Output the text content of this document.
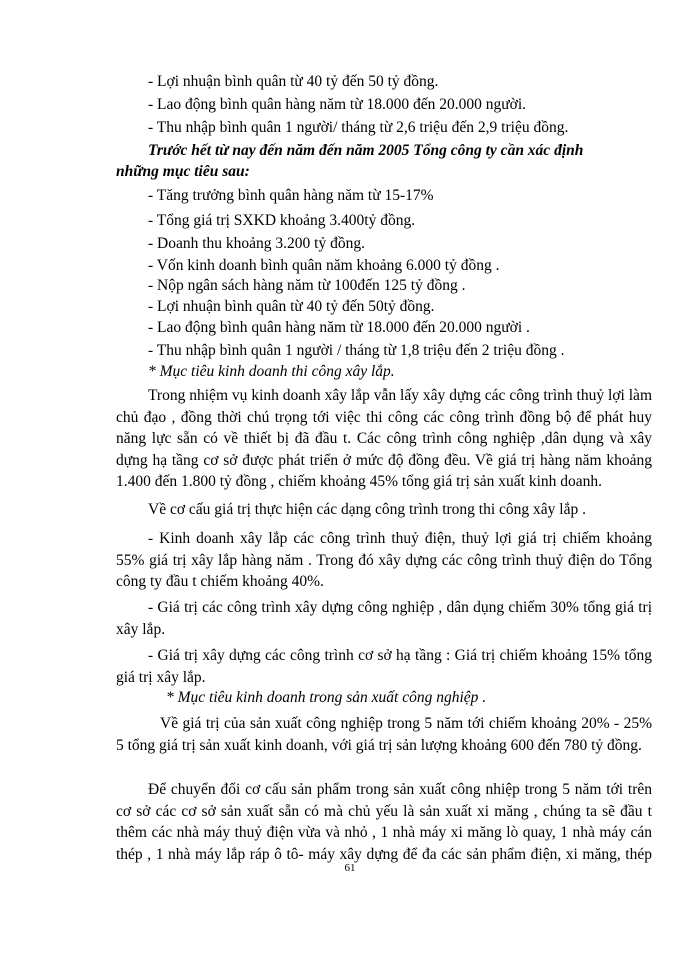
- Lợi nhuận bình quân từ 40 tỷ đến 50 tỷ đồng.
- Lao động bình quân hàng năm từ 18.000 đến 20.000 người.
- Thu nhập bình quân 1 người/ tháng từ 2,6 triệu đến 2,9 triệu đồng.
Trước hết từ nay đến năm đến năm 2005 Tổng công ty cần xác định
những mục tiêu sau:
- Tăng trưởng bình quân hàng năm từ 15-17%
- Tổng giá trị SXKD khoảng 3.400tỷ đồng.
- Doanh thu khoảng 3.200 tỷ đồng.
- Vốn kinh doanh bình quân năm khoảng 6.000 tỷ đồng .
- Nộp ngân sách hàng năm từ 100đến 125 tỷ đồng .
- Lợi nhuận bình quân từ 40 tỷ đến 50tỷ đồng.
- Lao động bình quân hàng năm từ 18.000 đến 20.000 người .
- Thu nhập bình quân 1 người / tháng từ 1,8 triệu đến 2 triệu đồng .
* Mục tiêu kinh doanh thi công xây lắp.
Trong nhiệm vụ kinh doanh xây lắp vẫn lấy xây dựng các công trình thuỷ lợi làm chủ đạo , đồng thời chú trọng tới việc thi công các công trình đồng bộ để phát huy năng lực sẵn có về thiết bị đã đầu t. Các công trình công nghiệp ,dân dụng và xây dựng hạ tầng cơ sở được phát triển ở mức độ đồng đều. Về giá trị hàng năm khoảng 1.400 đến 1.800 tỷ đồng , chiếm khoảng 45% tổng giá trị sản xuất kinh doanh.
Về cơ cấu giá trị thực hiện các dạng công trình trong thi công xây lắp .
- Kinh doanh xây lắp các công trình thuỷ điện, thuỷ lợi giá trị chiếm khoảng 55% giá trị xây lắp hàng năm . Trong đó xây dựng các công trình thuỷ điện do Tổng công ty đầu t chiếm khoảng 40%.
- Giá trị các công trình xây dựng công nghiệp , dân dụng chiếm 30% tổng giá trị xây lắp.
- Giá trị xây dựng các công trình cơ sở hạ tầng : Giá trị chiếm khoảng 15% tổng giá trị xây lắp.
* Mục tiêu kinh doanh trong sản xuất công nghiệp .
Về giá trị của sản xuất công nghiệp trong 5 năm tới chiếm khoảng 20% - 25% 5 tổng giá trị sản xuất kinh doanh, với giá trị sản lượng khoảng 600 đến 780 tỷ đồng.
Để chuyển đổi cơ cấu sản phẩm trong sản xuất công nhiệp trong 5 năm tới trên cơ sở các cơ sở sản xuất sẵn có mà chủ yếu là sản xuất xi măng , chúng ta sẽ đầu t thêm các nhà máy thuỷ điện vừa và nhỏ , 1 nhà máy xi măng lò quay, 1 nhà máy cán thép , 1 nhà máy lắp ráp ô tô- máy xây dựng để đa các sản phẩm điện, xi măng, thép
61
